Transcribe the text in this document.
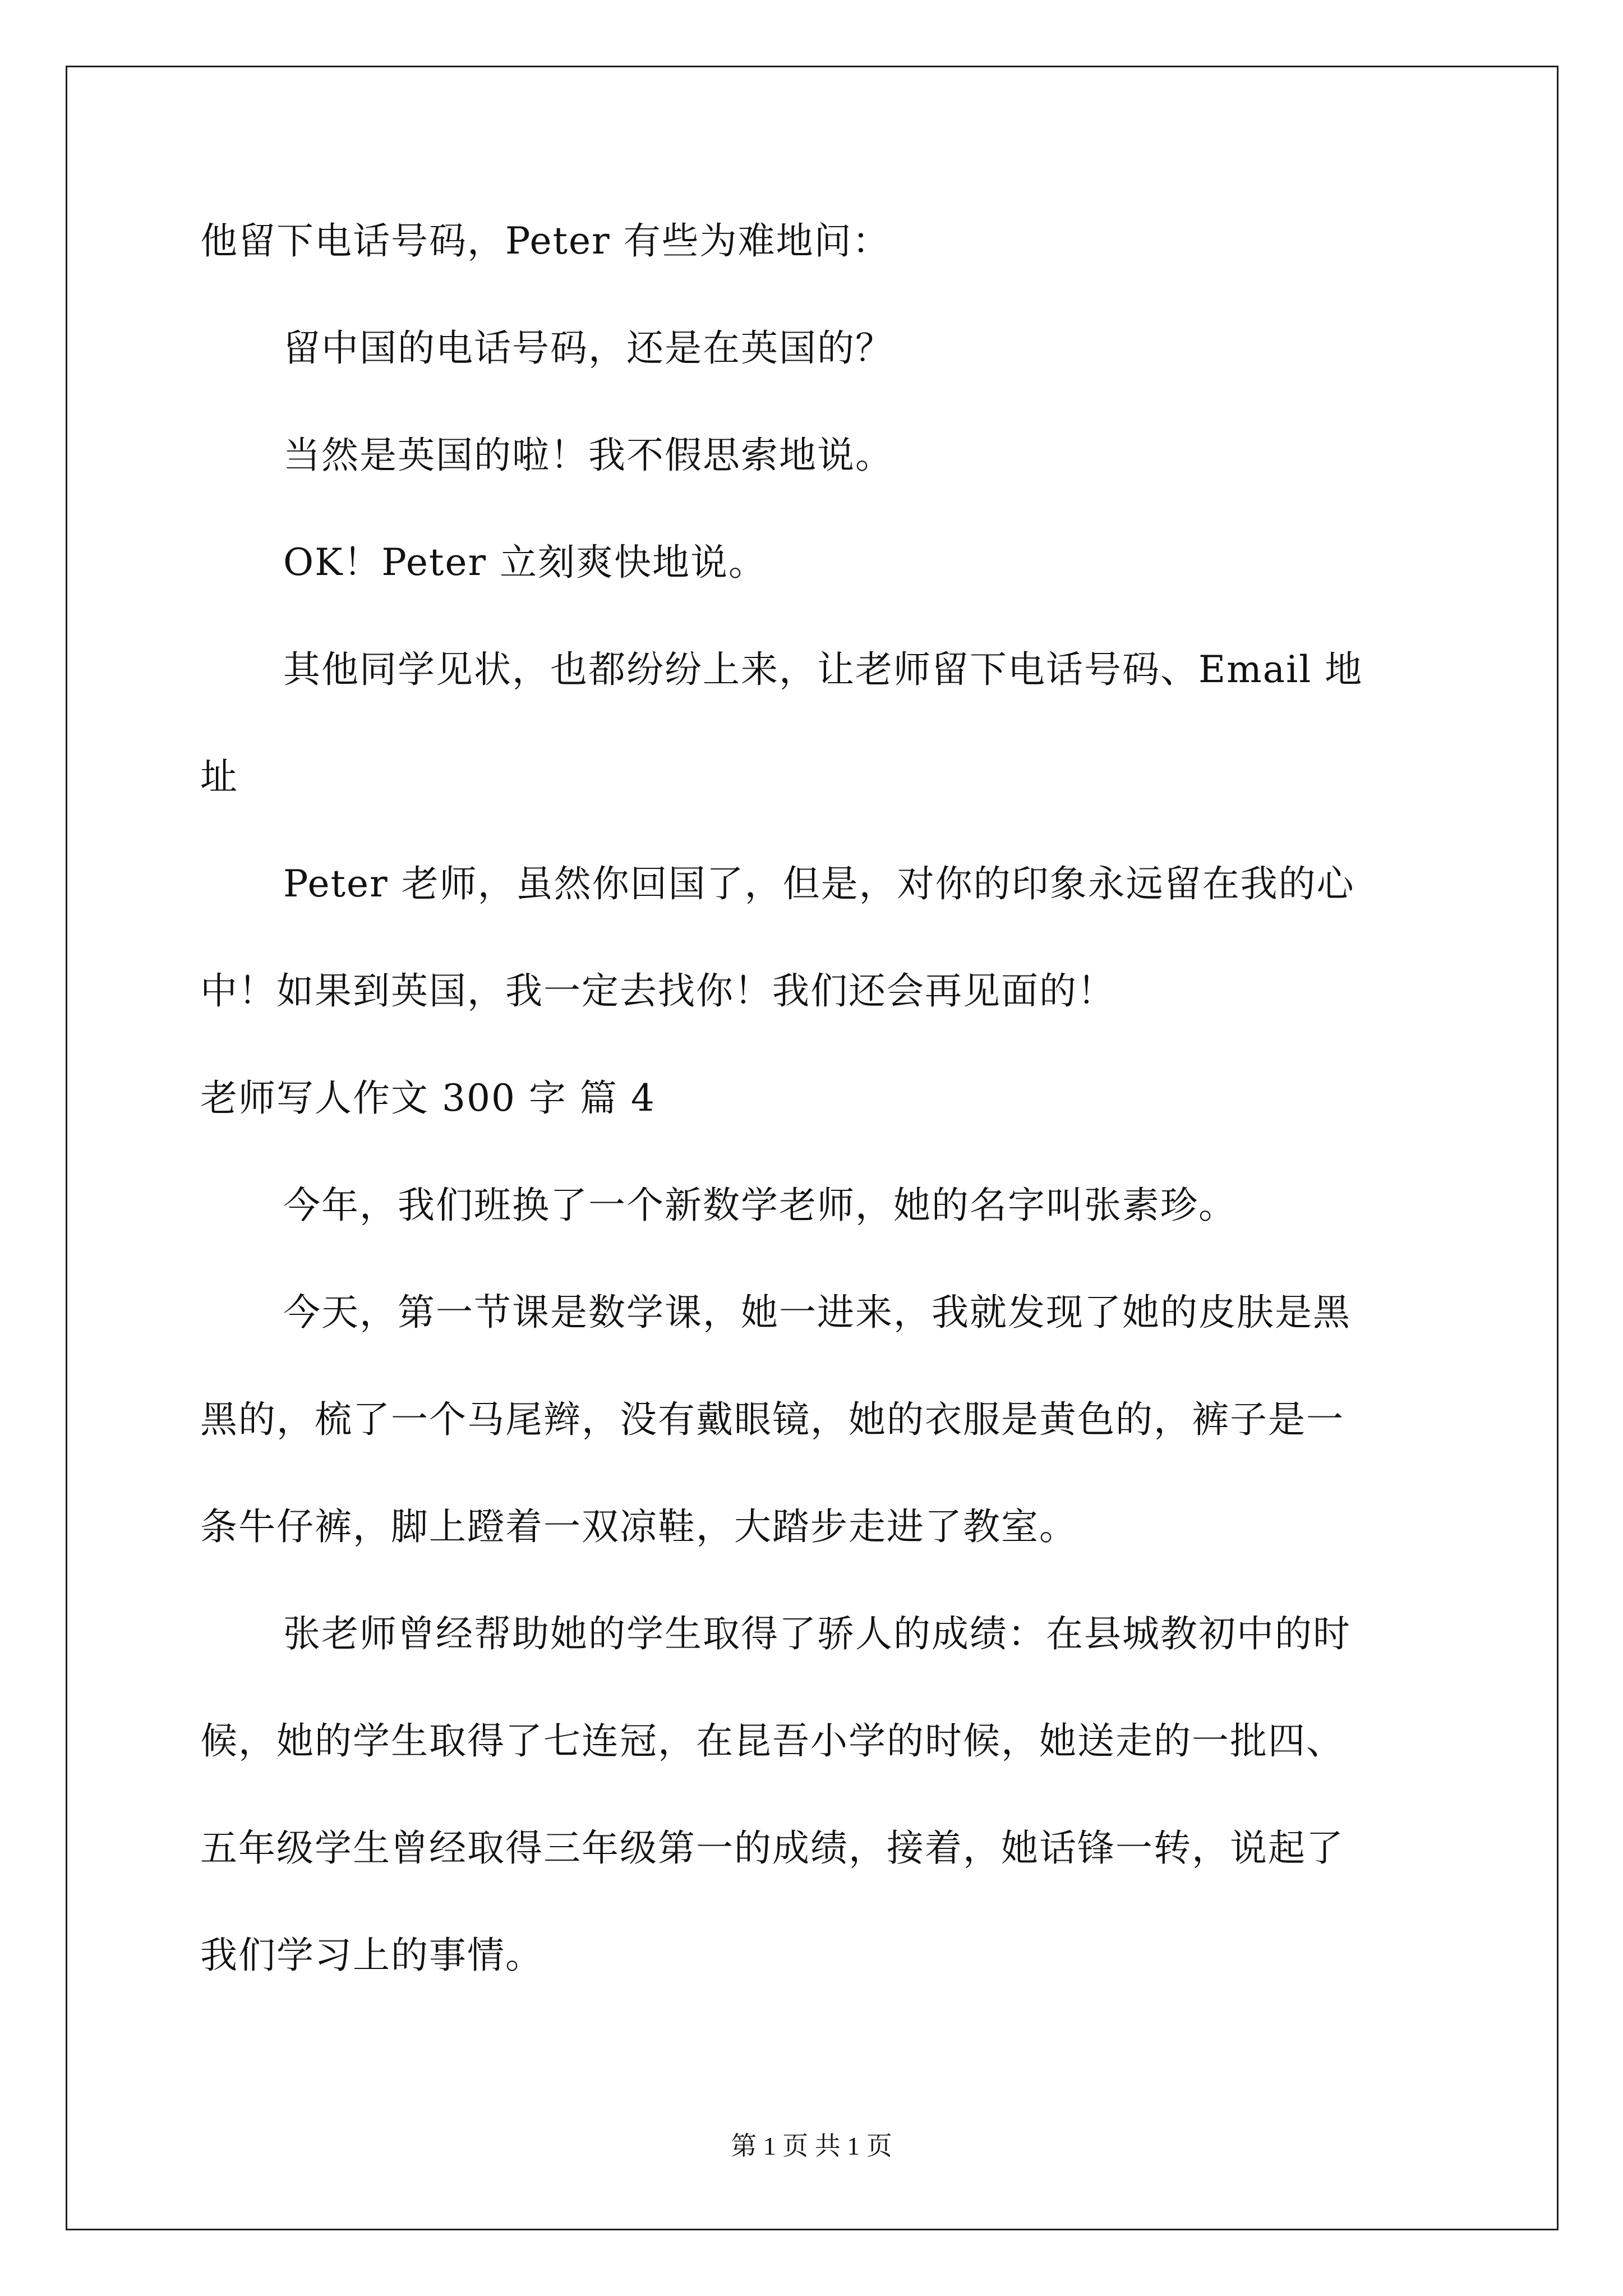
他留下电话号码，Peter 有些为难地问：
留中国的电话号码，还是在英国的？
当然是英国的啦！我不假思索地说。
OK！Peter 立刻爽快地说。
其他同学见状，也都纷纷上来，让老师留下电话号码、Email 地
址
Peter 老师，虽然你回国了，但是，对你的印象永远留在我的心
中！如果到英国，我一定去找你！我们还会再见面的！
老师写人作文 300 字 篇 4
今年，我们班换了一个新数学老师，她的名字叫张素珍。
今天，第一节课是数学课，她一进来，我就发现了她的皮肤是黑
黑的，梳了一个马尾辫，没有戴眼镜，她的衣服是黄色的，裤子是一
条牛仔裤，脚上蹬着一双凉鞋，大踏步走进了教室。
张老师曾经帮助她的学生取得了骄人的成绩：在县城教初中的时
候，她的学生取得了七连冠，在昆吾小学的时候，她送走的一批四、
五年级学生曾经取得三年级第一的成绩，接着，她话锋一转，说起了
我们学习上的事情。
第 1 页 共 1 页
